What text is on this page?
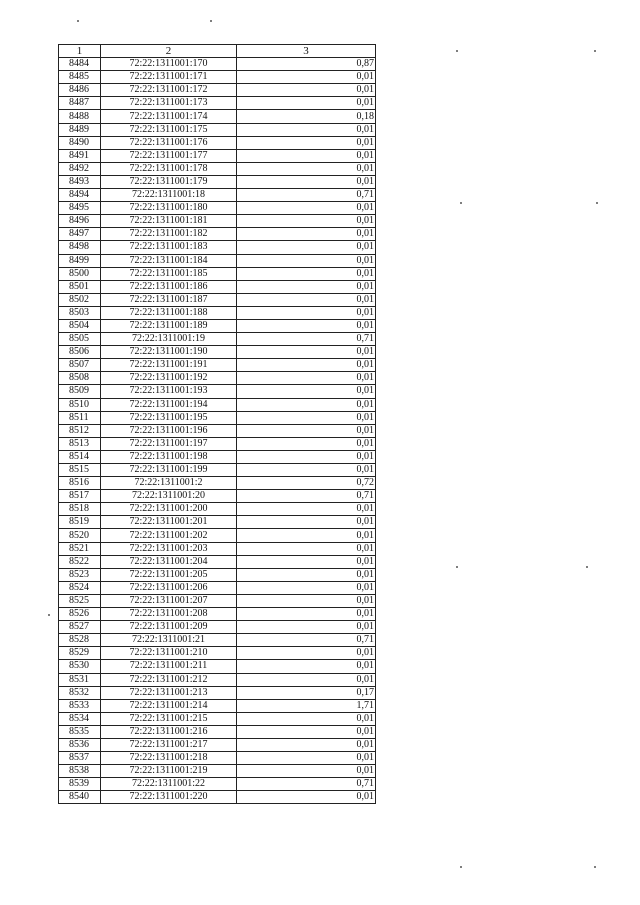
1	2	3
8484	72:22:1311001:170	0,87
8485	72:22:1311001:171	0,01
8486	72:22:1311001:172	0,01
8487	72:22:1311001:173	0,01
8488	72:22:1311001:174	0,18
8489	72:22:1311001:175	0,01
8490	72:22:1311001:176	0,01
8491	72:22:1311001:177	0,01
8492	72:22:1311001:178	0,01
8493	72:22:1311001:179	0,01
8494	72:22:1311001:18	0,71
8495	72:22:1311001:180	0,01
8496	72:22:1311001:181	0,01
8497	72:22:1311001:182	0,01
8498	72:22:1311001:183	0,01
8499	72:22:1311001:184	0,01
8500	72:22:1311001:185	0,01
8501	72:22:1311001:186	0,01
8502	72:22:1311001:187	0,01
8503	72:22:1311001:188	0,01
8504	72:22:1311001:189	0,01
8505	72:22:1311001:19	0,71
8506	72:22:1311001:190	0,01
8507	72:22:1311001:191	0,01
8508	72:22:1311001:192	0,01
8509	72:22:1311001:193	0,01
8510	72:22:1311001:194	0,01
8511	72:22:1311001:195	0,01
8512	72:22:1311001:196	0,01
8513	72:22:1311001:197	0,01
8514	72:22:1311001:198	0,01
8515	72:22:1311001:199	0,01
8516	72:22:1311001:2	0,72
8517	72:22:1311001:20	0,71
8518	72:22:1311001:200	0,01
8519	72:22:1311001:201	0,01
8520	72:22:1311001:202	0,01
8521	72:22:1311001:203	0,01
8522	72:22:1311001:204	0,01
8523	72:22:1311001:205	0,01
8524	72:22:1311001:206	0,01
8525	72:22:1311001:207	0,01
8526	72:22:1311001:208	0,01
8527	72:22:1311001:209	0,01
8528	72:22:1311001:21	0,71
8529	72:22:1311001:210	0,01
8530	72:22:1311001:211	0,01
8531	72:22:1311001:212	0,01
8532	72:22:1311001:213	0,17
8533	72:22:1311001:214	1,71
8534	72:22:1311001:215	0,01
8535	72:22:1311001:216	0,01
8536	72:22:1311001:217	0,01
8537	72:22:1311001:218	0,01
8538	72:22:1311001:219	0,01
8539	72:22:1311001:22	0,71
8540	72:22:1311001:220	0,01
